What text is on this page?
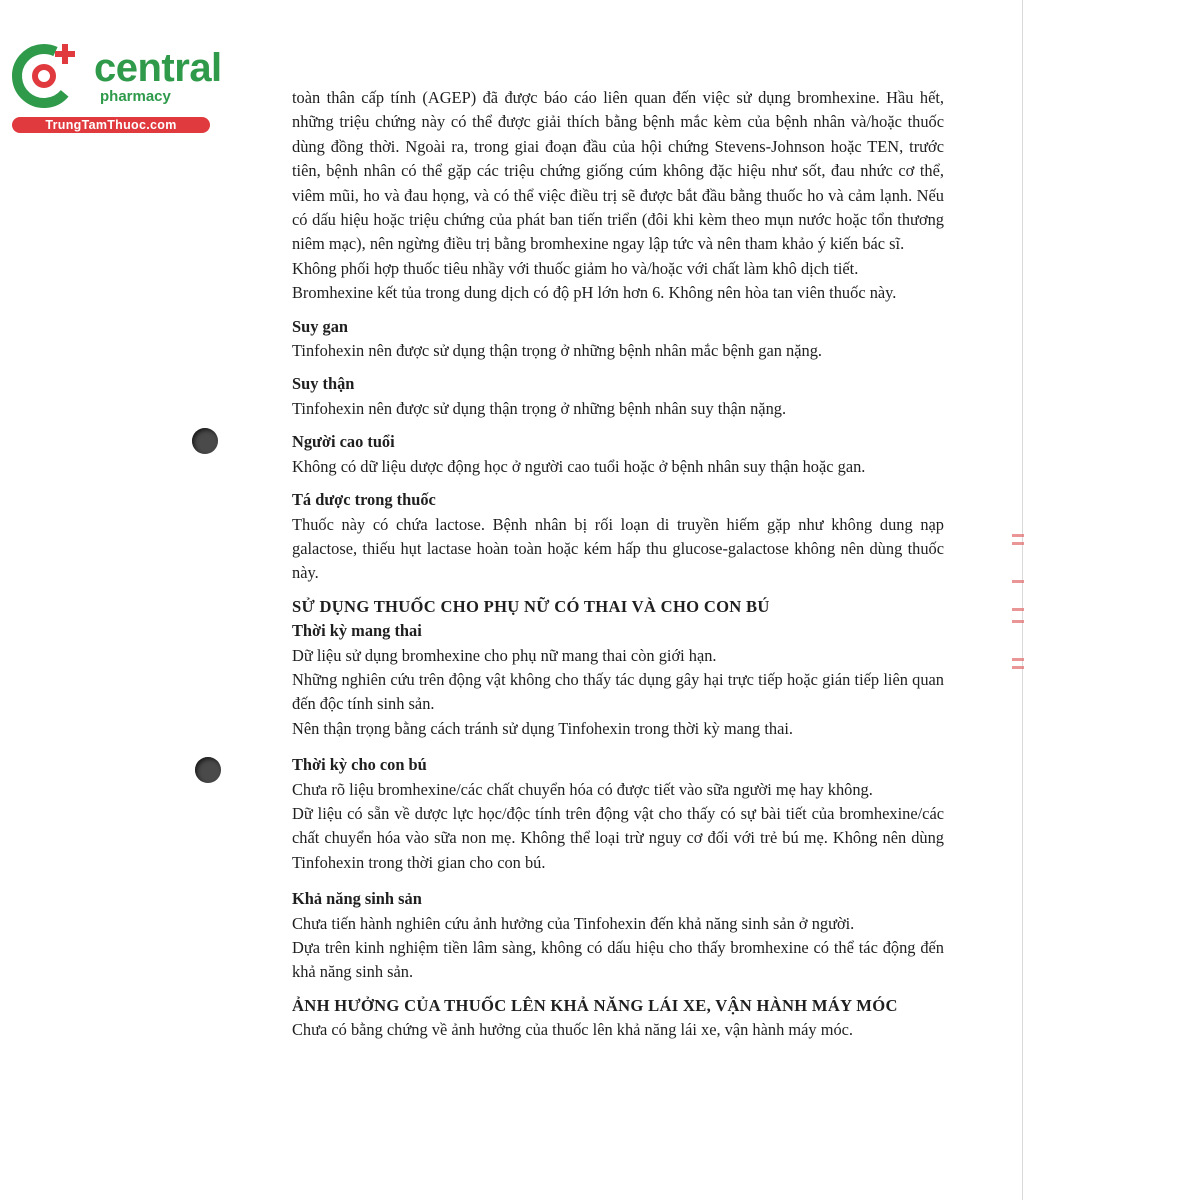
central
pharmacy
TrungTamThuoc.com

toàn thân cấp tính (AGEP) đã được báo cáo liên quan đến việc sử dụng bromhexine. Hầu hết, những triệu chứng này có thể được giải thích bằng bệnh mắc kèm của bệnh nhân và/hoặc thuốc dùng đồng thời. Ngoài ra, trong giai đoạn đầu của hội chứng Stevens-Johnson hoặc TEN, trước tiên, bệnh nhân có thể gặp các triệu chứng giống cúm không đặc hiệu như sốt, đau nhức cơ thể, viêm mũi, ho và đau họng, và có thể việc điều trị sẽ được bắt đầu bằng thuốc ho và cảm lạnh. Nếu có dấu hiệu hoặc triệu chứng của phát ban tiến triển (đôi khi kèm theo mụn nước hoặc tổn thương niêm mạc), nên ngừng điều trị bằng bromhexine ngay lập tức và nên tham khảo ý kiến bác sĩ.

Không phối hợp thuốc tiêu nhầy với thuốc giảm ho và/hoặc với chất làm khô dịch tiết.

Bromhexine kết tủa trong dung dịch có độ pH lớn hơn 6. Không nên hòa tan viên thuốc này.

Suy gan

Tinfohexin nên được sử dụng thận trọng ở những bệnh nhân mắc bệnh gan nặng.

Suy thận

Tinfohexin nên được sử dụng thận trọng ở những bệnh nhân suy thận nặng.

Người cao tuổi

Không có dữ liệu dược động học ở người cao tuổi hoặc ở bệnh nhân suy thận hoặc gan.

Tá dược trong thuốc

Thuốc này có chứa lactose. Bệnh nhân bị rối loạn di truyền hiếm gặp như không dung nạp galactose, thiếu hụt lactase hoàn toàn hoặc kém hấp thu glucose-galactose không nên dùng thuốc này.

SỬ DỤNG THUỐC CHO PHỤ NỮ CÓ THAI VÀ CHO CON BÚ

Thời kỳ mang thai

Dữ liệu sử dụng bromhexine cho phụ nữ mang thai còn giới hạn.

Những nghiên cứu trên động vật không cho thấy tác dụng gây hại trực tiếp hoặc gián tiếp liên quan đến độc tính sinh sản.

Nên thận trọng bằng cách tránh sử dụng Tinfohexin trong thời kỳ mang thai.

Thời kỳ cho con bú

Chưa rõ liệu bromhexine/các chất chuyển hóa có được tiết vào sữa người mẹ hay không.

Dữ liệu có sẵn về dược lực học/độc tính trên động vật cho thấy có sự bài tiết của bromhexine/các chất chuyển hóa vào sữa non mẹ. Không thể loại trừ nguy cơ đối với trẻ bú mẹ. Không nên dùng Tinfohexin trong thời gian cho con bú.

Khả năng sinh sản

Chưa tiến hành nghiên cứu ảnh hưởng của Tinfohexin đến khả năng sinh sản ở người.

Dựa trên kinh nghiệm tiền lâm sàng, không có dấu hiệu cho thấy bromhexine có thể tác động đến khả năng sinh sản.

ẢNH HƯỞNG CỦA THUỐC LÊN KHẢ NĂNG LÁI XE, VẬN HÀNH MÁY MÓC

Chưa có bằng chứng về ảnh hưởng của thuốc lên khả năng lái xe, vận hành máy móc.
